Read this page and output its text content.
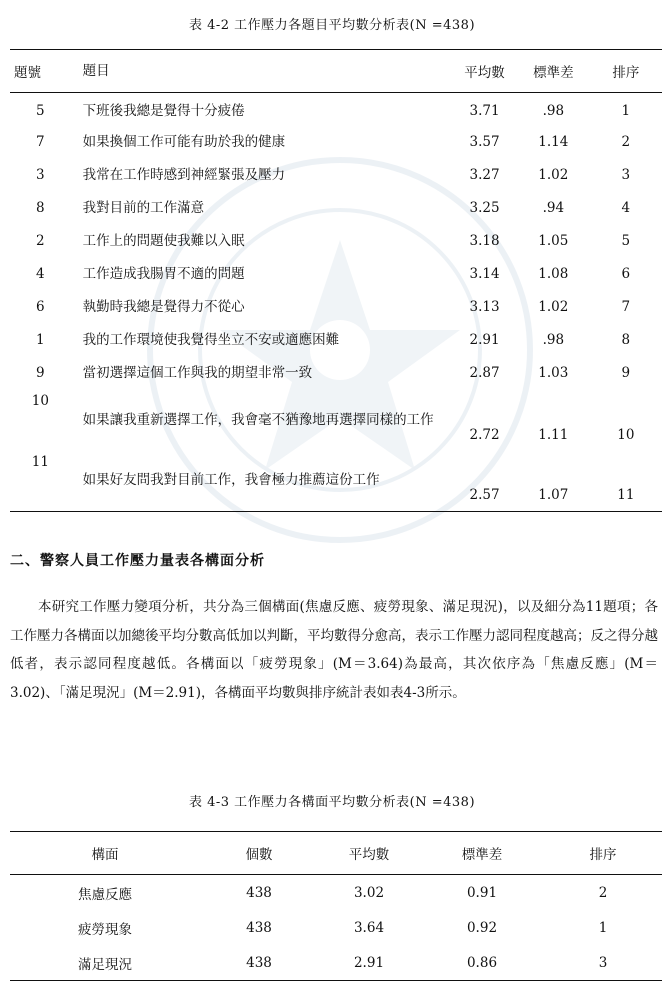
表 4-2 工作壓力各題目平均數分析表(N =438)
題號	題目	平均數	標準差	排序
5	下班後我總是覺得十分疲倦	3.71	.98	1
7	如果換個工作可能有助於我的健康	3.57	1.14	2
3	我常在工作時感到神經緊張及壓力	3.27	1.02	3
8	我對目前的工作滿意	3.25	.94	4
2	工作上的問題使我難以入眠	3.18	1.05	5
4	工作造成我腸胃不適的問題	3.14	1.08	6
6	執勤時我總是覺得力不從心	3.13	1.02	7
1	我的工作環境使我覺得坐立不安或適應困難	2.91	.98	8
9	當初選擇這個工作與我的期望非常一致	2.87	1.03	9
10	如果讓我重新選擇工作，我會毫不猶豫地再選擇同樣的工作	2.72	1.11	10
11	如果好友問我對目前工作，我會極力推薦這份工作	2.57	1.07	11
二、警察人員工作壓力量表各構面分析

本研究工作壓力變項分析，共分為三個構面(焦慮反應、疲勞現象、滿足現況)，以及細分為11題項；各工作壓力各構面以加總後平均分數高低加以判斷，平均數得分愈高，表示工作壓力認同程度越高；反之得分越低者，表示認同程度越低。各構面以「疲勞現象」(M＝3.64)為最高，其次依序為「焦慮反應」(M＝3.02)、「滿足現況」(M＝2.91)，各構面平均數與排序統計表如表4-3所示。

表 4-3 工作壓力各構面平均數分析表(N =438)
構面	個數	平均數	標準差	排序
焦慮反應	438	3.02	0.91	2
疲勞現象	438	3.64	0.92	1
滿足現況	438	2.91	0.86	3
